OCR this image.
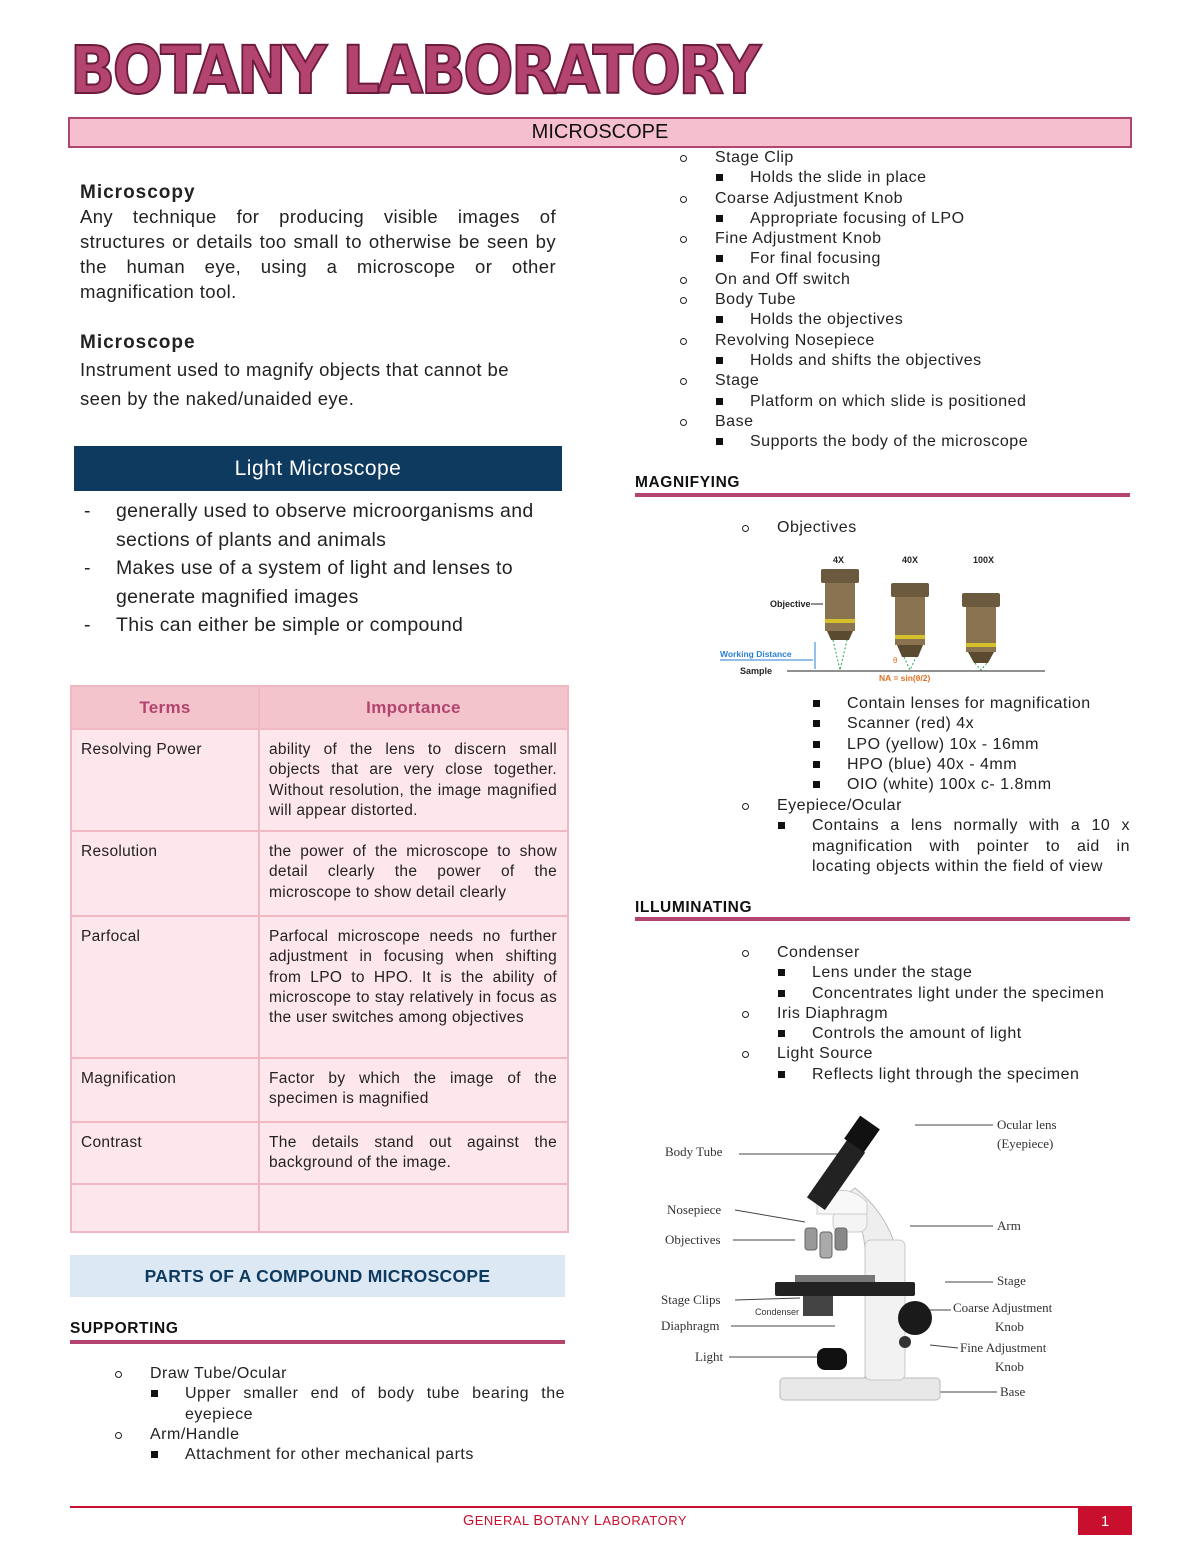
BOTANY LABORATORY
MICROSCOPE
Microscopy

Any technique for producing visible images of structures or details too small to otherwise be seen by the human eye, using a microscope or other magnification tool.

Microscope

Instrument used to magnify objects that cannot be seen by the naked/unaided eye.

Light Microscope
- generally used to observe microorganisms and sections of plants and animals
- Makes use of a system of light and lenses to generate magnified images
- This can either be simple or compound
Terms	Importance
Resolving Power	ability of the lens to discern small objects that are very close together. Without resolution, the image magnified will appear distorted.
Resolution	the power of the microscope to show detail clearly the power of the microscope to show detail clearly
Parfocal	Parfocal microscope needs no further adjustment in focusing when shifting from LPO to HPO. It is the ability of microscope to stay relatively in focus as the user switches among objectives
Magnification	Factor by which the image of the specimen is magnified
Contrast	The details stand out against the background of the image.

PARTS OF A COMPOUND MICROSCOPE
SUPPORTING
Draw Tube/Ocular
Upper smaller end of body tube bearing the eyepiece
Arm/Handle
Attachment for other mechanical parts
Stage Clip
Holds the slide in place
Coarse Adjustment Knob
Appropriate focusing of LPO
Fine Adjustment Knob
For final focusing
On and Off switch
Body Tube
Holds the objectives
Revolving Nosepiece
Holds and shifts the objectives
Stage
Platform on which slide is positioned
Base
Supports the body of the microscope
MAGNIFYING
Objectives
4X	40X	100X
Objective
Working Distance
Sample
θ
NA = sin(θ/2)
Contain lenses for magnification
Scanner (red) 4x
LPO (yellow) 10x - 16mm
HPO (blue) 40x - 4mm
OIO (white) 100x c- 1.8mm
Eyepiece/Ocular
Contains a lens normally with a 10 x magnification with pointer to aid in locating objects within the field of view
ILLUMINATING
Condenser
Lens under the stage
Concentrates light under the specimen
Iris Diaphragm
Controls the amount of light
Light Source
Reflects light through the specimen
Body Tube
Nosepiece
Objectives
Stage Clips
Diaphragm
Light
Ocular lens
(Eyepiece)
Arm
Stage
Coarse Adjustment
Knob
Fine Adjustment
Knob
Base
Condenser
GENERAL BOTANY LABORATORY	1
